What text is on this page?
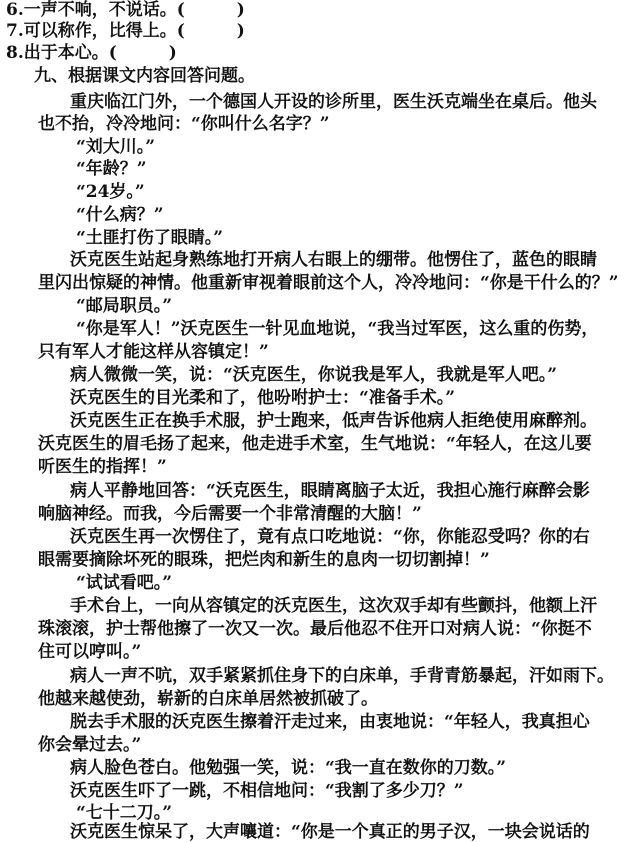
6.一声不响，不说话。(	)
7.可以称作，比得上。(	)
8.出于本心。(	)
九、根据课文内容回答问题。
重庆临江门外，一个德国人开设的诊所里，医生沃克端坐在桌后。他头
也不抬，冷冷地问：“你叫什么名字？”
“刘大川。”
“年龄？”
“24岁。”
“什么病？”
“土匪打伤了眼睛。”
沃克医生站起身熟练地打开病人右眼上的绷带。他愣住了，蓝色的眼睛
里闪出惊疑的神情。他重新审视着眼前这个人，冷冷地问：“你是干什么的？”
“邮局职员。”
“你是军人！”沃克医生一针见血地说，“我当过军医，这么重的伤势，
只有军人才能这样从容镇定！”
病人微微一笑，说：“沃克医生，你说我是军人，我就是军人吧。”
沃克医生的目光柔和了，他吩咐护士：“准备手术。”
沃克医生正在换手术服，护士跑来，低声告诉他病人拒绝使用麻醉剂。
沃克医生的眉毛扬了起来，他走进手术室，生气地说：“年轻人，在这儿要
听医生的指挥！”
病人平静地回答：“沃克医生，眼睛离脑子太近，我担心施行麻醉会影
响脑神经。而我，今后需要一个非常清醒的大脑！”
沃克医生再一次愣住了，竟有点口吃地说：“你，你能忍受吗？你的右
眼需要摘除坏死的眼珠，把烂肉和新生的息肉一切切割掉！”
“试试看吧。”
手术台上，一向从容镇定的沃克医生，这次双手却有些颤抖，他额上汗
珠滚滚，护士帮他擦了一次又一次。最后他忍不住开口对病人说：“你挺不
住可以哼叫。”
病人一声不吭，双手紧紧抓住身下的白床单，手背青筋暴起，汗如雨下。
他越来越使劲，崭新的白床单居然被抓破了。
脱去手术服的沃克医生擦着汗走过来，由衷地说：“年轻人，我真担心
你会晕过去。”
病人脸色苍白。他勉强一笑，说：“我一直在数你的刀数。”
沃克医生吓了一跳，不相信地问：“我割了多少刀？”
“七十二刀。”
沃克医生惊呆了，大声嚷道：“你是一个真正的男子汉，一块会说话的
